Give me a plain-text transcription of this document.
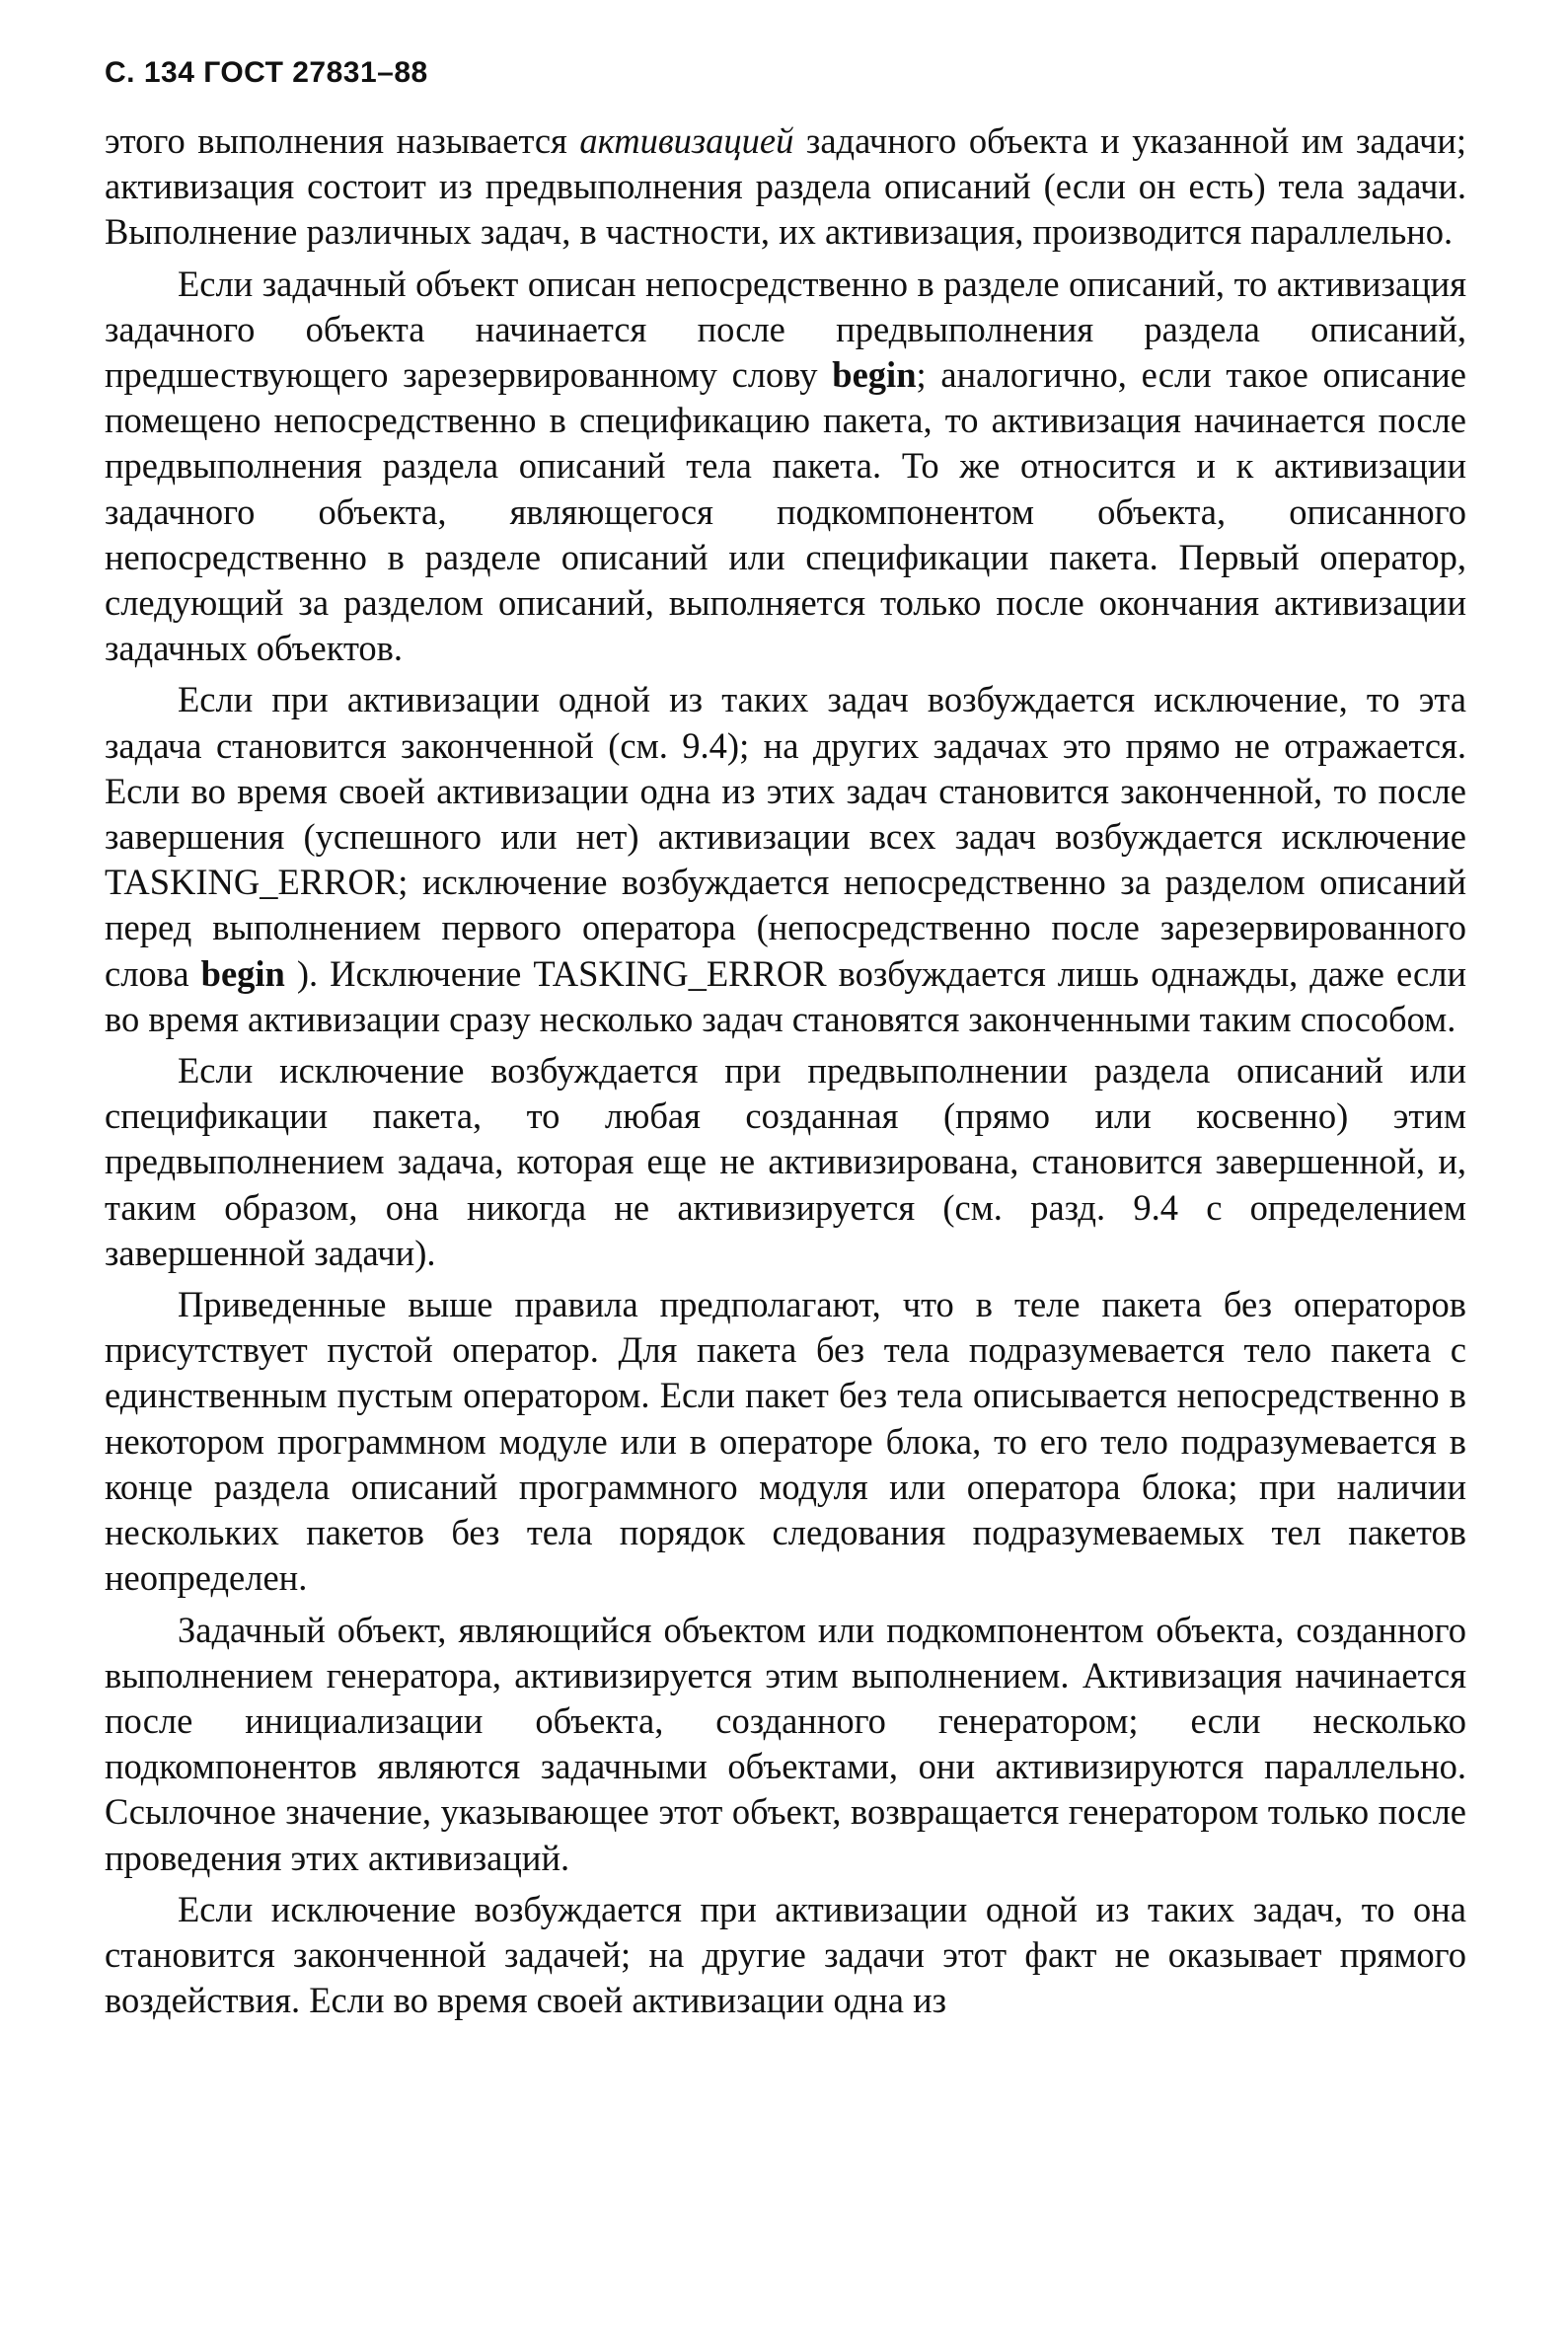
С. 134 ГОСТ 27831–88

этого выполнения называется активизацией задачного объекта и указанной им задачи; активизация состоит из предвыполнения раздела описаний (если он есть) тела задачи. Выполнение различных задач, в частности, их активизация, производится параллельно.

Если задачный объект описан непосредственно в разделе описаний, то активизация задачного объекта начинается после предвыполнения раздела описаний, предшествующего зарезервированному слову begin; аналогично, если такое описание помещено непосредственно в спецификацию пакета, то активизация начинается после предвыполнения раздела описаний тела пакета. То же относится и к активизации задачного объекта, являющегося подкомпонентом объекта, описанного непосредственно в разделе описаний или спецификации пакета. Первый оператор, следующий за разделом описаний, выполняется только после окончания активизации задачных объектов.

Если при активизации одной из таких задач возбуждается исключение, то эта задача становится законченной (см. 9.4); на других задачах это прямо не отражается. Если во время своей активизации одна из этих задач становится законченной, то после завершения (успешного или нет) активизации всех задач возбуждается исключение TASKING_ERROR; исключение возбуждается непосредственно за разделом описаний перед выполнением первого оператора (непосредственно после зарезервированного слова begin ). Исключение TASKING_ERROR возбуждается лишь однажды, даже если во время активизации сразу несколько задач становятся законченными таким способом.

Если исключение возбуждается при предвыполнении раздела описаний или спецификации пакета, то любая созданная (прямо или косвенно) этим предвыполнением задача, которая еще не активизирована, становится завершенной, и, таким образом, она никогда не активизируется (см. разд. 9.4 с определением завершенной задачи).

Приведенные выше правила предполагают, что в теле пакета без операторов присутствует пустой оператор. Для пакета без тела подразумевается тело пакета с единственным пустым оператором. Если пакет без тела описывается непосредственно в некотором программном модуле или в операторе блока, то его тело подразумевается в конце раздела описаний программного модуля или оператора блока; при наличии нескольких пакетов без тела порядок следования подразумеваемых тел пакетов неопределен.

Задачный объект, являющийся объектом или подкомпонентом объекта, созданного выполнением генератора, активизируется этим выполнением. Активизация начинается после инициализации объекта, созданного генератором; если несколько подкомпонентов являются задачными объектами, они активизируются параллельно. Ссылочное значение, указывающее этот объект, возвращается генератором только после проведения этих активизаций.

Если исключение возбуждается при активизации одной из таких задач, то она становится законченной задачей; на другие задачи этот факт не оказывает прямого воздействия. Если во время своей активизации одна из
